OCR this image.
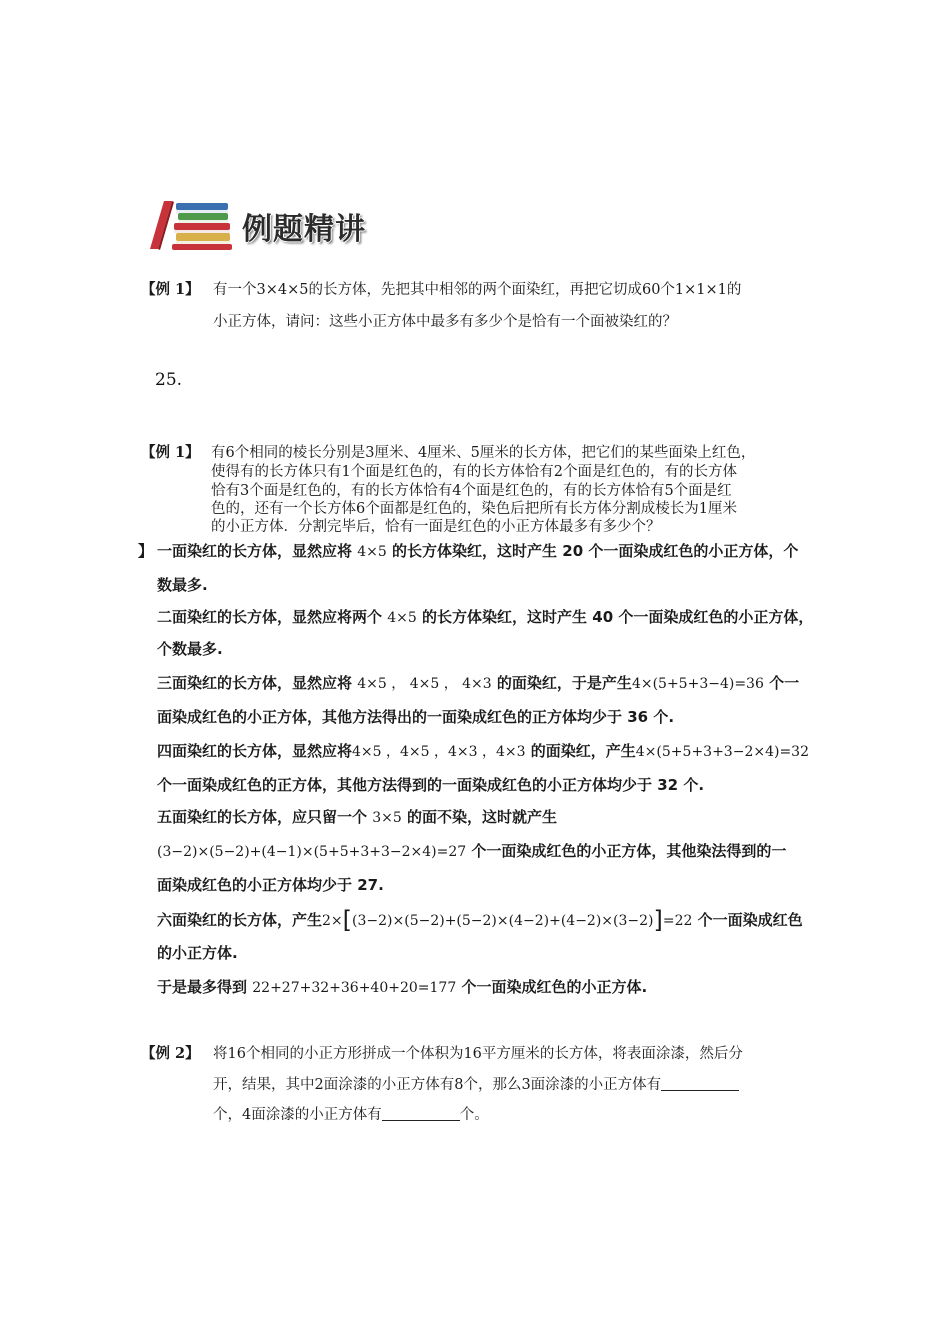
例题精讲
【例 1】 有一个3×4×5的长方体，先把其中相邻的两个面染红，再把它切成60个1×1×1的
小正方体，请问：这些小正方体中最多有多少个是恰有一个面被染红的？
25.
【例 1】 有6个相同的棱长分别是3厘米、4厘米、5厘米的长方体，把它们的某些面染上红色，
使得有的长方体只有1个面是红色的，有的长方体恰有2个面是红色的，有的长方体
恰有3个面是红色的，有的长方体恰有4个面是红色的，有的长方体恰有5个面是红
色的，还有一个长方体6个面都是红色的，染色后把所有长方体分割成棱长为1厘米
的小正方体．分割完毕后，恰有一面是红色的小正方体最多有多少个？
】 一面染红的长方体，显然应将 4×5 的长方体染红，这时产生 20 个一面染成红色的小正方体，个
数最多.
二面染红的长方体，显然应将两个 4×5 的长方体染红，这时产生 40 个一面染成红色的小正方体，
个数最多.
三面染红的长方体，显然应将 4×5 ， 4×5 ， 4×3 的面染红，于是产生4×(5+5+3−4)=36 个一
面染成红色的小正方体，其他方法得出的一面染成红色的正方体均少于 36 个.
四面染红的长方体，显然应将4×5 ，4×5 ，4×3 ，4×3 的面染红，产生4×(5+5+3+3−2×4)=32
个一面染成红色的正方体，其他方法得到的一面染成红色的小正方体均少于 32 个.
五面染红的长方体，应只留一个 3×5 的面不染，这时就产生
(3−2)×(5−2)+(4−1)×(5+5+3+3−2×4)=27 个一面染成红色的小正方体，其他染法得到的一
面染成红色的小正方体均少于 27.
六面染红的长方体，产生2×[(3−2)×(5−2)+(5−2)×(4−2)+(4−2)×(3−2)]=22 个一面染成红色
的小正方体.
于是最多得到 22+27+32+36+40+20=177 个一面染成红色的小正方体.
【例 2】 将16个相同的小正方形拼成一个体积为16平方厘米的长方体，将表面涂漆，然后分
开，结果，其中2面涂漆的小正方体有8个，那么3面涂漆的小正方体有
个，4面涂漆的小正方体有	个。
